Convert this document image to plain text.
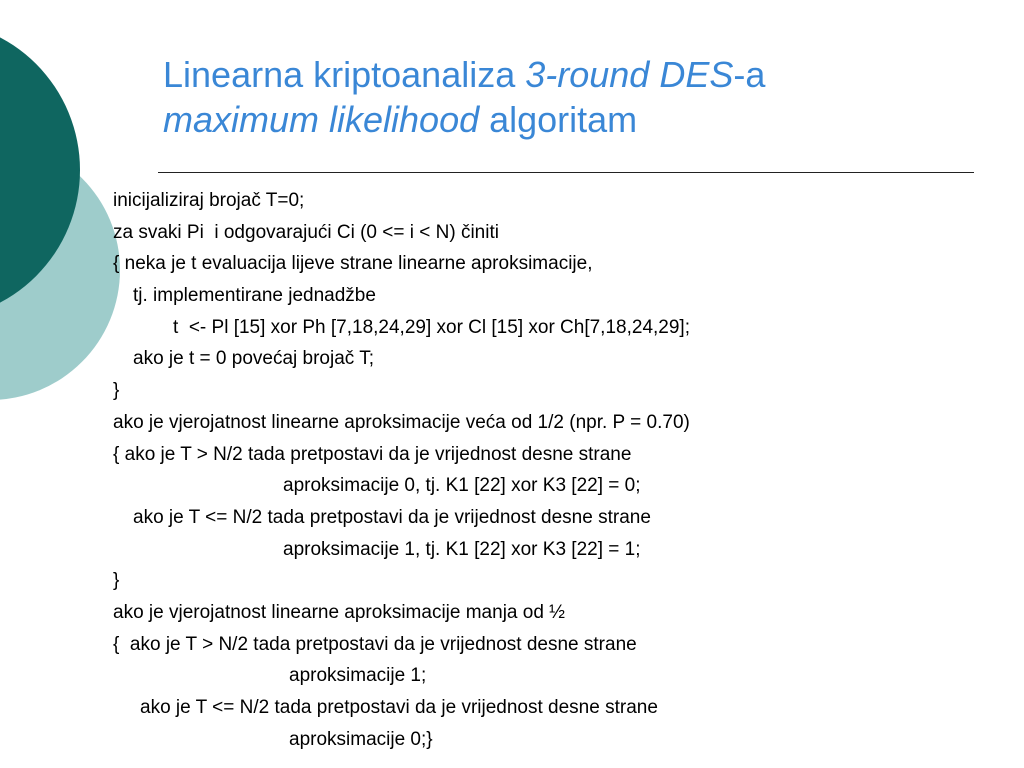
Linearna kriptoanaliza 3-round DES-a
maximum likelihood algoritam
inicijaliziraj brojač T=0;
za svaki Pi  i odgovarajući Ci (0 <= i < N) činiti
{ neka je t evaluacija lijeve strane linearne aproksimacije,
tj. implementirane jednadžbe
t  <- Pl [15] xor Ph [7,18,24,29] xor Cl [15] xor Ch[7,18,24,29];
ako je t = 0 povećaj brojač T;
}
ako je vjerojatnost linearne aproksimacije veća od 1/2 (npr. P = 0.70)
{ ako je T > N/2 tada pretpostavi da je vrijednost desne strane
aproksimacije 0, tj. K1 [22] xor K3 [22] = 0;
ako je T <= N/2 tada pretpostavi da je vrijednost desne strane
aproksimacije 1, tj. K1 [22] xor K3 [22] = 1;
}
ako je vjerojatnost linearne aproksimacije manja od ½
{  ako je T > N/2 tada pretpostavi da je vrijednost desne strane
aproksimacije 1;
ako je T <= N/2 tada pretpostavi da je vrijednost desne strane
aproksimacije 0;}
